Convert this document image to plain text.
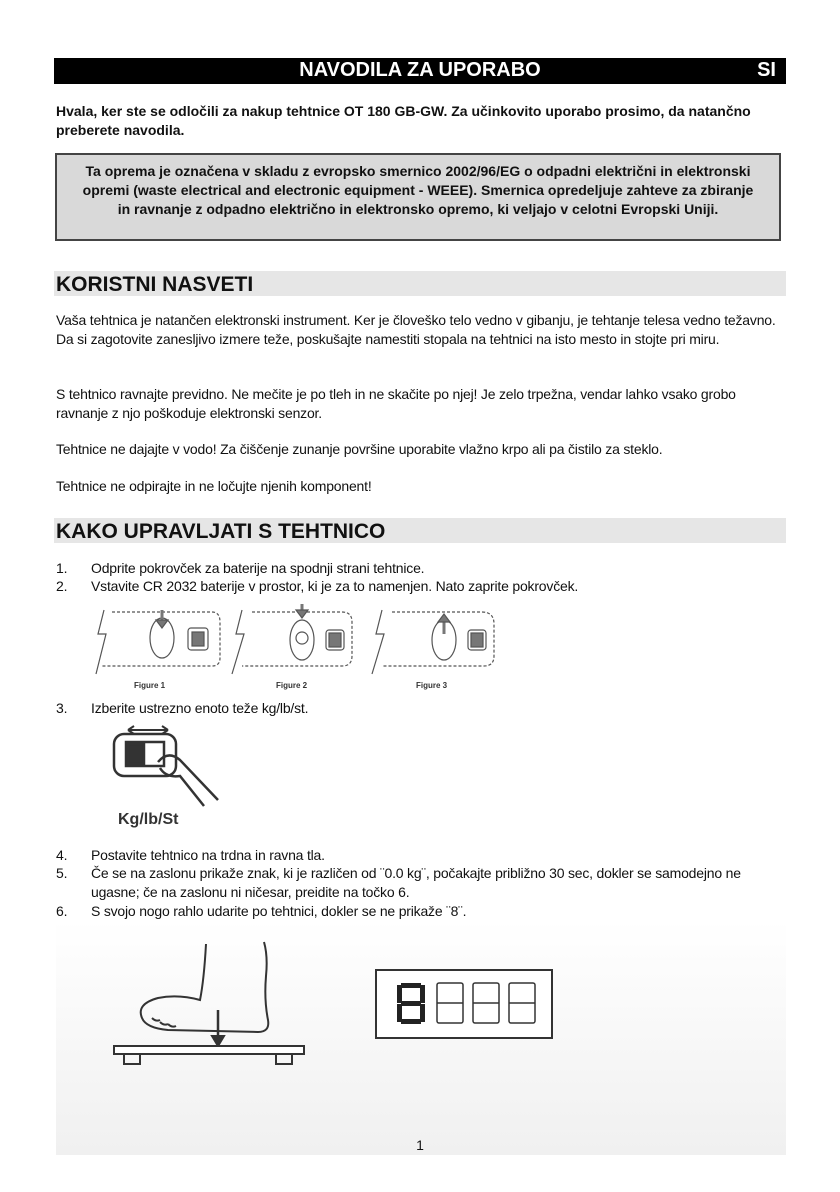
NAVODILA ZA UPORABO	SI
Hvala, ker ste se odločili za nakup tehtnice OT 180 GB-GW. Za učinkovito uporabo prosimo, da natančno preberete navodila.
Ta oprema je označena v skladu z evropsko smernico 2002/96/EG o odpadni električni in elektronski opremi (waste electrical and electronic equipment - WEEE). Smernica opredeljuje zahteve za zbiranje in ravnanje z odpadno električno in elektronsko opremo, ki veljajo v celotni Evropski Uniji.
KORISTNI NASVETI
Vaša tehtnica je natančen elektronski instrument. Ker je človeško telo vedno v gibanju, je tehtanje telesa vedno težavno. Da si zagotovite zanesljivo izmere teže, poskušajte namestiti stopala na tehtnici na isto mesto in stojte pri miru.
S tehtnico ravnajte previdno. Ne mečite je po tleh in ne skačite po njej! Je zelo trpežna, vendar lahko vsako grobo ravnanje z njo poškoduje elektronski senzor.
Tehtnice ne dajajte v vodo! Za čiščenje zunanje površine uporabite vlažno krpo ali pa čistilo za steklo.
Tehtnice ne odpirajte in ne ločujte njenih komponent!
KAKO UPRAVLJATI S TEHTNICO
1. Odprite pokrovček za baterije na spodnji strani tehtnice.
2. Vstavite CR 2032 baterije v prostor, ki je za to namenjen. Nato zaprite pokrovček.
Figure 1	Figure 2	Figure 3
3. Izberite ustrezno enoto teže kg/lb/st.
Kg/lb/St
4. Postavite tehtnico na trdna in ravna tla.
5. Če se na zaslonu prikaže znak, ki je različen od ¨0.0 kg¨, počakajte približno 30 sec, dokler se samodejno ne ugasne; če na zaslonu ni ničesar, preidite na točko 6.
6. S svojo nogo rahlo udarite po tehtnici, dokler se ne prikaže ¨8¨.
1
